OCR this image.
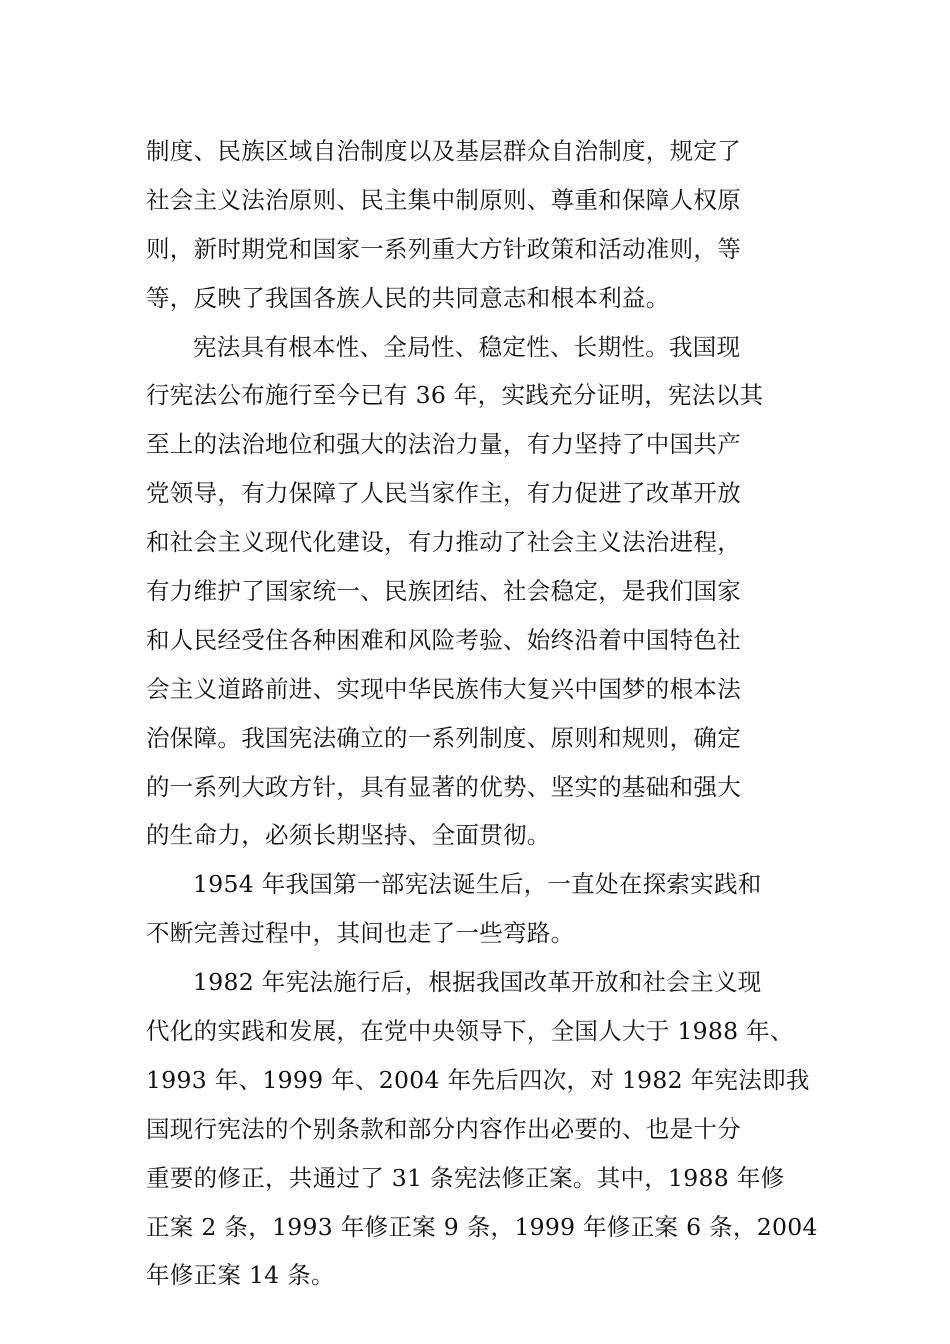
制度、民族区域自治制度以及基层群众自治制度，规定了
社会主义法治原则、民主集中制原则、尊重和保障人权原
则，新时期党和国家一系列重大方针政策和活动准则，等
等，反映了我国各族人民的共同意志和根本利益。
宪法具有根本性、全局性、稳定性、长期性。我国现
行宪法公布施行至今已有 36 年，实践充分证明，宪法以其
至上的法治地位和强大的法治力量，有力坚持了中国共产
党领导，有力保障了人民当家作主，有力促进了改革开放
和社会主义现代化建设，有力推动了社会主义法治进程，
有力维护了国家统一、民族团结、社会稳定，是我们国家
和人民经受住各种困难和风险考验、始终沿着中国特色社
会主义道路前进、实现中华民族伟大复兴中国梦的根本法
治保障。我国宪法确立的一系列制度、原则和规则，确定
的一系列大政方针，具有显著的优势、坚实的基础和强大
的生命力，必须长期坚持、全面贯彻。
1954 年我国第一部宪法诞生后，一直处在探索实践和
不断完善过程中，其间也走了一些弯路。
1982 年宪法施行后，根据我国改革开放和社会主义现
代化的实践和发展，在党中央领导下，全国人大于 1988 年、
1993 年、1999 年、2004 年先后四次，对 1982 年宪法即我
国现行宪法的个别条款和部分内容作出必要的、也是十分
重要的修正，共通过了 31 条宪法修正案。其中，1988 年修
正案 2 条，1993 年修正案 9 条，1999 年修正案 6 条，2004
年修正案 14 条。
